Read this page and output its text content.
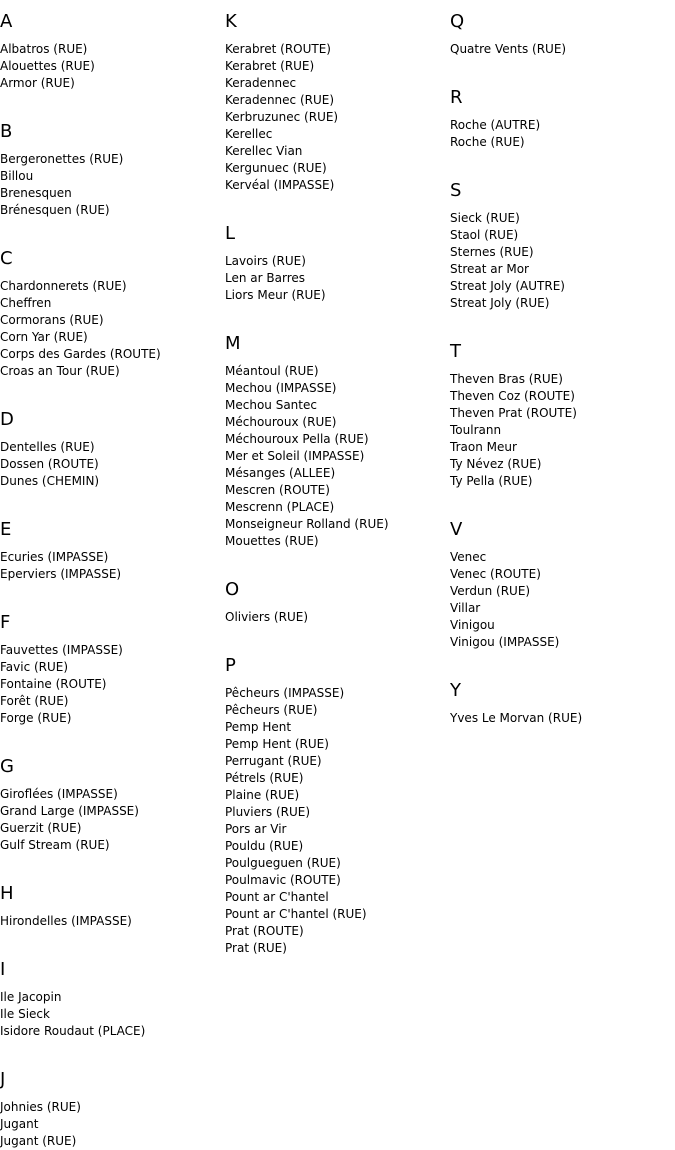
A
Albatros (RUE)
Alouettes (RUE)
Armor (RUE)
B
Bergeronettes (RUE)
Billou
Brenesquen
Brénesquen (RUE)
C
Chardonnerets (RUE)
Cheffren
Cormorans (RUE)
Corn Yar (RUE)
Corps des Gardes (ROUTE)
Croas an Tour (RUE)
D
Dentelles (RUE)
Dossen (ROUTE)
Dunes (CHEMIN)
E
Ecuries (IMPASSE)
Eperviers (IMPASSE)
F
Fauvettes (IMPASSE)
Favic (RUE)
Fontaine (ROUTE)
Forêt (RUE)
Forge (RUE)
G
Giroflées (IMPASSE)
Grand Large (IMPASSE)
Guerzit (RUE)
Gulf Stream (RUE)
H
Hirondelles (IMPASSE)
I
Ile Jacopin
Ile Sieck
Isidore Roudaut (PLACE)
J
Johnies (RUE)
Jugant
Jugant (RUE)
K
Kerabret (ROUTE)
Kerabret (RUE)
Keradennec
Keradennec (RUE)
Kerbruzunec (RUE)
Kerellec
Kerellec Vian
Kergunuec (RUE)
Kervéal (IMPASSE)
L
Lavoirs (RUE)
Len ar Barres
Liors Meur (RUE)
M
Méantoul (RUE)
Mechou (IMPASSE)
Mechou Santec
Méchouroux (RUE)
Méchouroux Pella (RUE)
Mer et Soleil (IMPASSE)
Mésanges (ALLEE)
Mescren (ROUTE)
Mescrenn (PLACE)
Monseigneur Rolland (RUE)
Mouettes (RUE)
O
Oliviers (RUE)
P
Pêcheurs (IMPASSE)
Pêcheurs (RUE)
Pemp Hent
Pemp Hent (RUE)
Perrugant (RUE)
Pétrels (RUE)
Plaine (RUE)
Pluviers (RUE)
Pors ar Vir
Pouldu (RUE)
Poulgueguen (RUE)
Poulmavic (ROUTE)
Pount ar C'hantel
Pount ar C'hantel (RUE)
Prat (ROUTE)
Prat (RUE)
Q
Quatre Vents (RUE)
R
Roche (AUTRE)
Roche (RUE)
S
Sieck (RUE)
Staol (RUE)
Sternes (RUE)
Streat ar Mor
Streat Joly (AUTRE)
Streat Joly (RUE)
T
Theven Bras (RUE)
Theven Coz (ROUTE)
Theven Prat (ROUTE)
Toulrann
Traon Meur
Ty Névez (RUE)
Ty Pella (RUE)
V
Venec
Venec (ROUTE)
Verdun (RUE)
Villar
Vinigou
Vinigou (IMPASSE)
Y
Yves Le Morvan (RUE)
